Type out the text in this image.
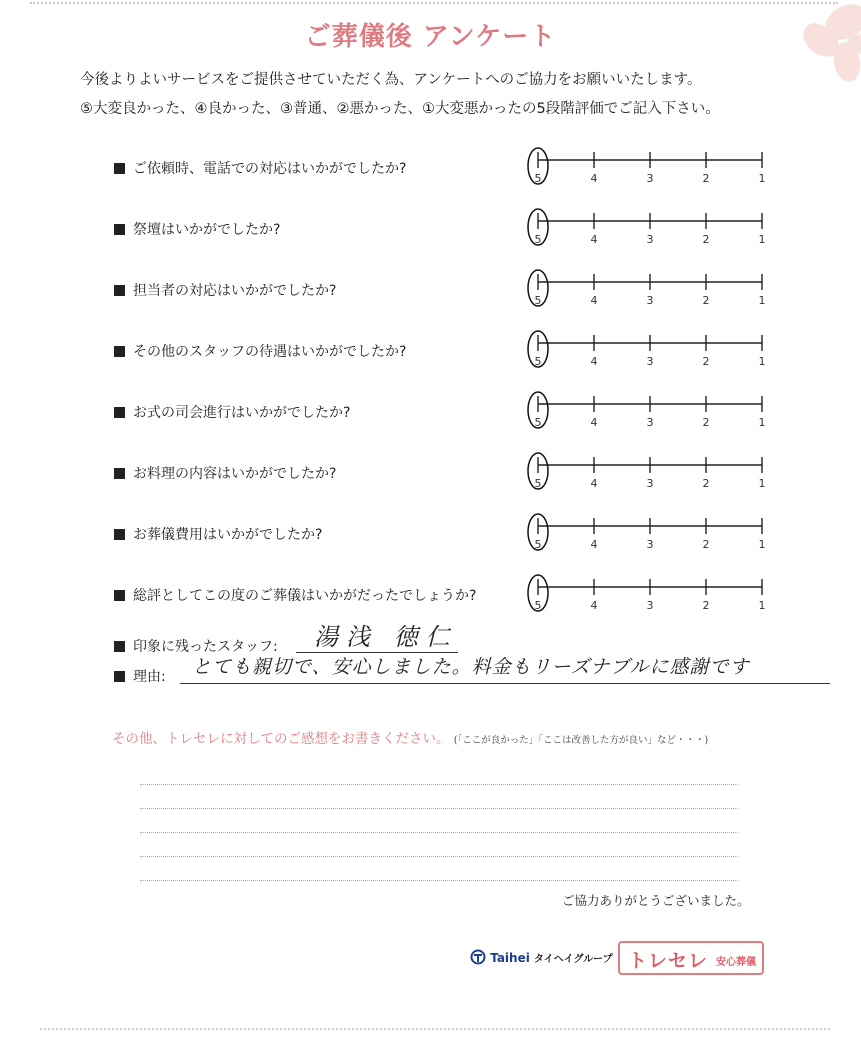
ご葬儀後 アンケート
今後よりよいサービスをご提供させていただく為、アンケートへのご協力をお願いいたします。
⑤大変良かった、④良かった、③普通、②悪かった、①大変悪かったの5段階評価でご記入下さい。
ご依頼時、電話での対応はいかがでしたか?
5	4	3	2	1
祭壇はいかがでしたか?
5	4	3	2	1
担当者の対応はいかがでしたか?
5	4	3	2	1
その他のスタッフの待遇はいかがでしたか?
5	4	3	2	1
お式の司会進行はいかがでしたか?
5	4	3	2	1
お料理の内容はいかがでしたか?
5	4	3	2	1
お葬儀費用はいかがでしたか?
5	4	3	2	1
総評としてこの度のご葬儀はいかがだったでしょうか?
5	4	3	2	1
印象に残ったスタッフ: 湯浅 徳仁
理由: とても親切で、安心しました。料金もリーズナブルに感謝です
その他、トレセレに対してのご感想をお書きください。 (「ここが良かった」「ここは改善した方が良い」など・・・)
ご協力ありがとうございました。
Taihei タイヘイグループ トレセレ 安心葬儀
